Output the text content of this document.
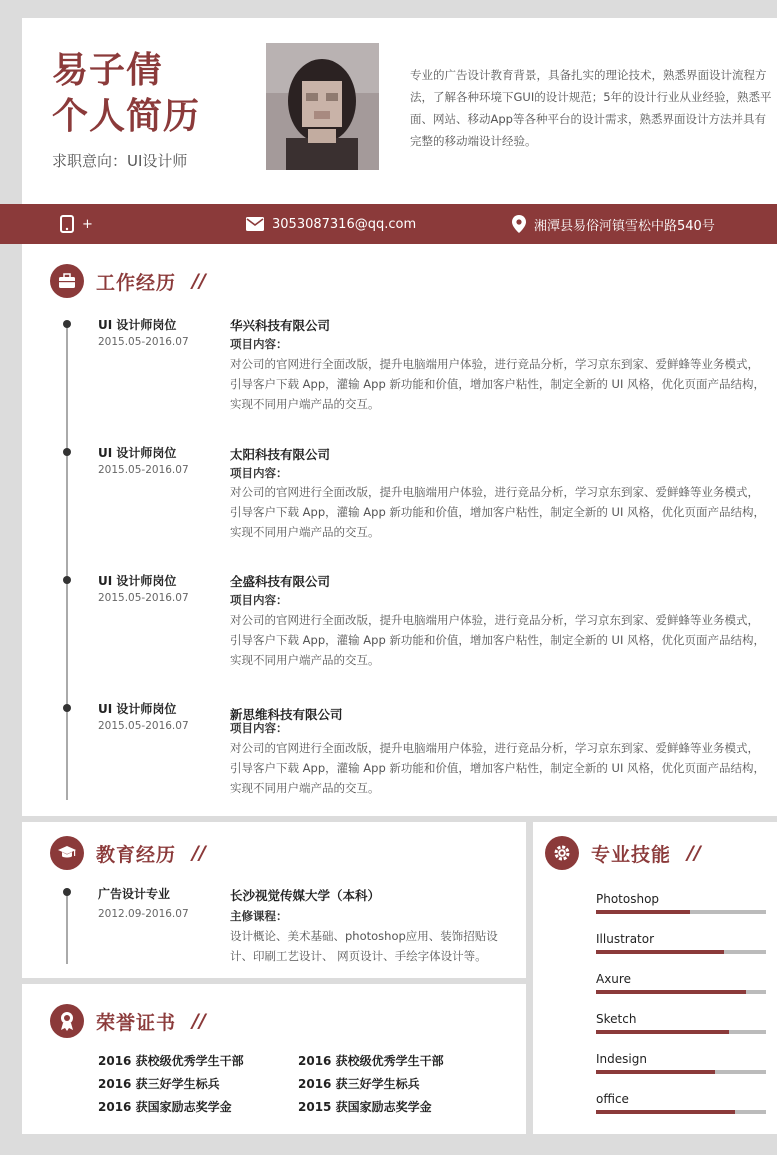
易子倩
个人简历
求职意向：UI设计师
专业的广告设计教育背景，具备扎实的理论技术，熟悉界面设计流程方法，了解各种环境下GUI的设计规范；5年的设计行业从业经验，熟悉平面、网站、移动App等各种平台的设计需求，熟悉界面设计方法并具有完整的移动端设计经验。
+	3053087316@qq.com	湘潭县易俗河镇雪松中路540号
工作经历 //
UI 设计师岗位
2015.05-2016.07
华兴科技有限公司
项目内容：
对公司的官网进行全面改版，提升电脑端用户体验，进行竞品分析，学习京东到家、爱鲜蜂等业务模式，引导客户下载 App，灌输 App 新功能和价值，增加客户粘性，制定全新的 UI 风格，优化页面产品结构，实现不同用户端产品的交互。
UI 设计师岗位
2015.05-2016.07
太阳科技有限公司
项目内容：
对公司的官网进行全面改版，提升电脑端用户体验，进行竞品分析，学习京东到家、爱鲜蜂等业务模式，引导客户下载 App，灌输 App 新功能和价值，增加客户粘性，制定全新的 UI 风格，优化页面产品结构，实现不同用户端产品的交互。
UI 设计师岗位
2015.05-2016.07
全盛科技有限公司
项目内容：
对公司的官网进行全面改版，提升电脑端用户体验，进行竞品分析，学习京东到家、爱鲜蜂等业务模式，引导客户下载 App，灌输 App 新功能和价值，增加客户粘性，制定全新的 UI 风格，优化页面产品结构，实现不同用户端产品的交互。
UI 设计师岗位
2015.05-2016.07
新思维科技有限公司
项目内容：
对公司的官网进行全面改版，提升电脑端用户体验，进行竞品分析，学习京东到家、爱鲜蜂等业务模式，引导客户下载 App，灌输 App 新功能和价值，增加客户粘性，制定全新的 UI 风格，优化页面产品结构，实现不同用户端产品的交互。
教育经历 //
广告设计专业
2012.09-2016.07
长沙视觉传媒大学（本科）
主修课程：
设计概论、美术基础、photoshop应用、装饰招贴设计、印刷工艺设计、 网页设计、手绘字体设计等。
荣誉证书 //
2016 获校级优秀学生干部	2016 获校级优秀学生干部
2016 获三好学生标兵	2016 获三好学生标兵
2016 获国家励志奖学金	2015 获国家励志奖学金
专业技能 //
Photoshop
Illustrator
Axure
Sketch
Indesign
office
